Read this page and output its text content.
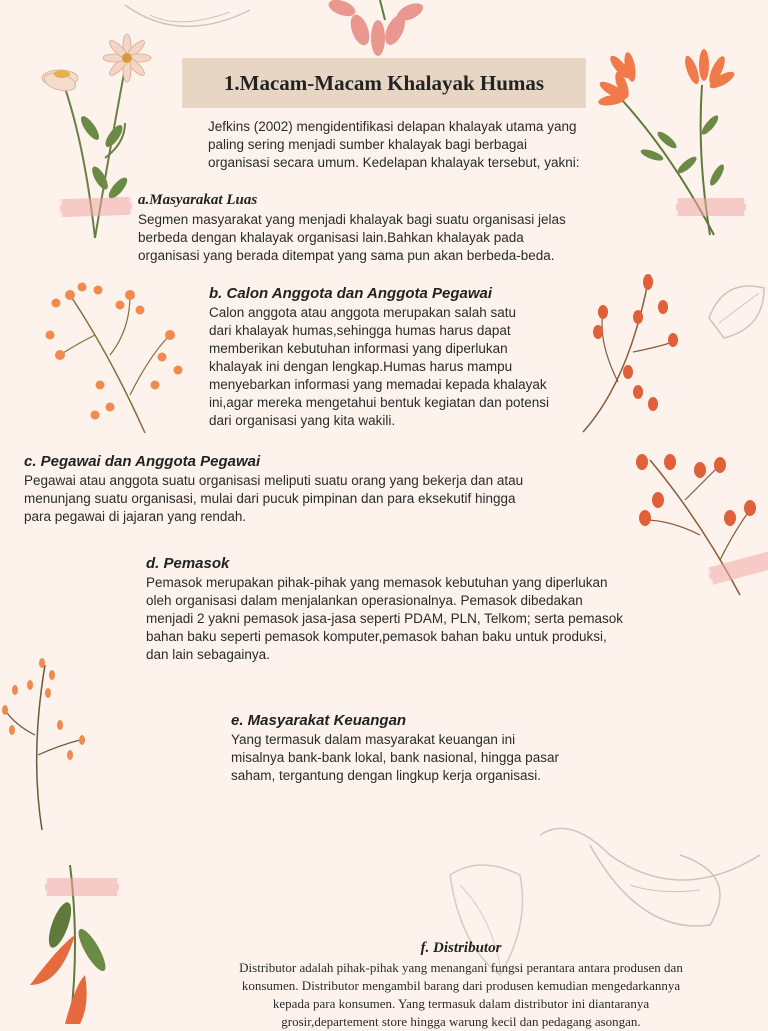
1.Macam-Macam Khalayak Humas

Jefkins (2002) mengidentifikasi delapan khalayak utama yang
paling sering menjadi sumber khalayak bagi berbagai
organisasi secara umum. Kedelapan khalayak tersebut, yakni:

a.Masyarakat Luas

Segmen masyarakat yang menjadi khalayak bagi suatu organisasi jelas
berbeda dengan khalayak organisasi lain.Bahkan khalayak pada
organisasi yang berada ditempat yang sama pun akan berbeda-beda.

b. Calon Anggota dan Anggota Pegawai

Calon anggota atau anggota merupakan salah satu
dari khalayak humas,sehingga humas harus dapat
memberikan kebutuhan informasi yang diperlukan
khalayak ini dengan lengkap.Humas harus mampu
menyebarkan informasi yang memadai kepada khalayak
ini,agar mereka mengetahui bentuk kegiatan dan potensi
dari organisasi yang kita wakili.

c. Pegawai dan Anggota Pegawai

Pegawai atau anggota suatu organisasi meliputi suatu orang yang bekerja dan atau
menunjang suatu organisasi, mulai dari pucuk pimpinan dan para eksekutif hingga
para pegawai di jajaran yang rendah.

d. Pemasok

Pemasok merupakan pihak-pihak yang memasok kebutuhan yang diperlukan
oleh organisasi dalam menjalankan operasionalnya. Pemasok dibedakan
menjadi 2 yakni pemasok jasa-jasa seperti PDAM, PLN, Telkom; serta pemasok
bahan baku seperti pemasok komputer,pemasok bahan baku untuk produksi,
dan lain sebagainya.

e. Masyarakat Keuangan

Yang termasuk dalam masyarakat keuangan ini
misalnya bank-bank lokal, bank nasional, hingga pasar
saham, tergantung dengan lingkup kerja organisasi.

f. Distributor

Distributor adalah pihak-pihak yang menangani fungsi perantara antara produsen dan
konsumen. Distributor mengambil barang dari produsen kemudian mengedarkannya
kepada para konsumen. Yang termasuk dalam distributor ini diantaranya
grosir,departement store hingga warung kecil dan pedagang asongan.
